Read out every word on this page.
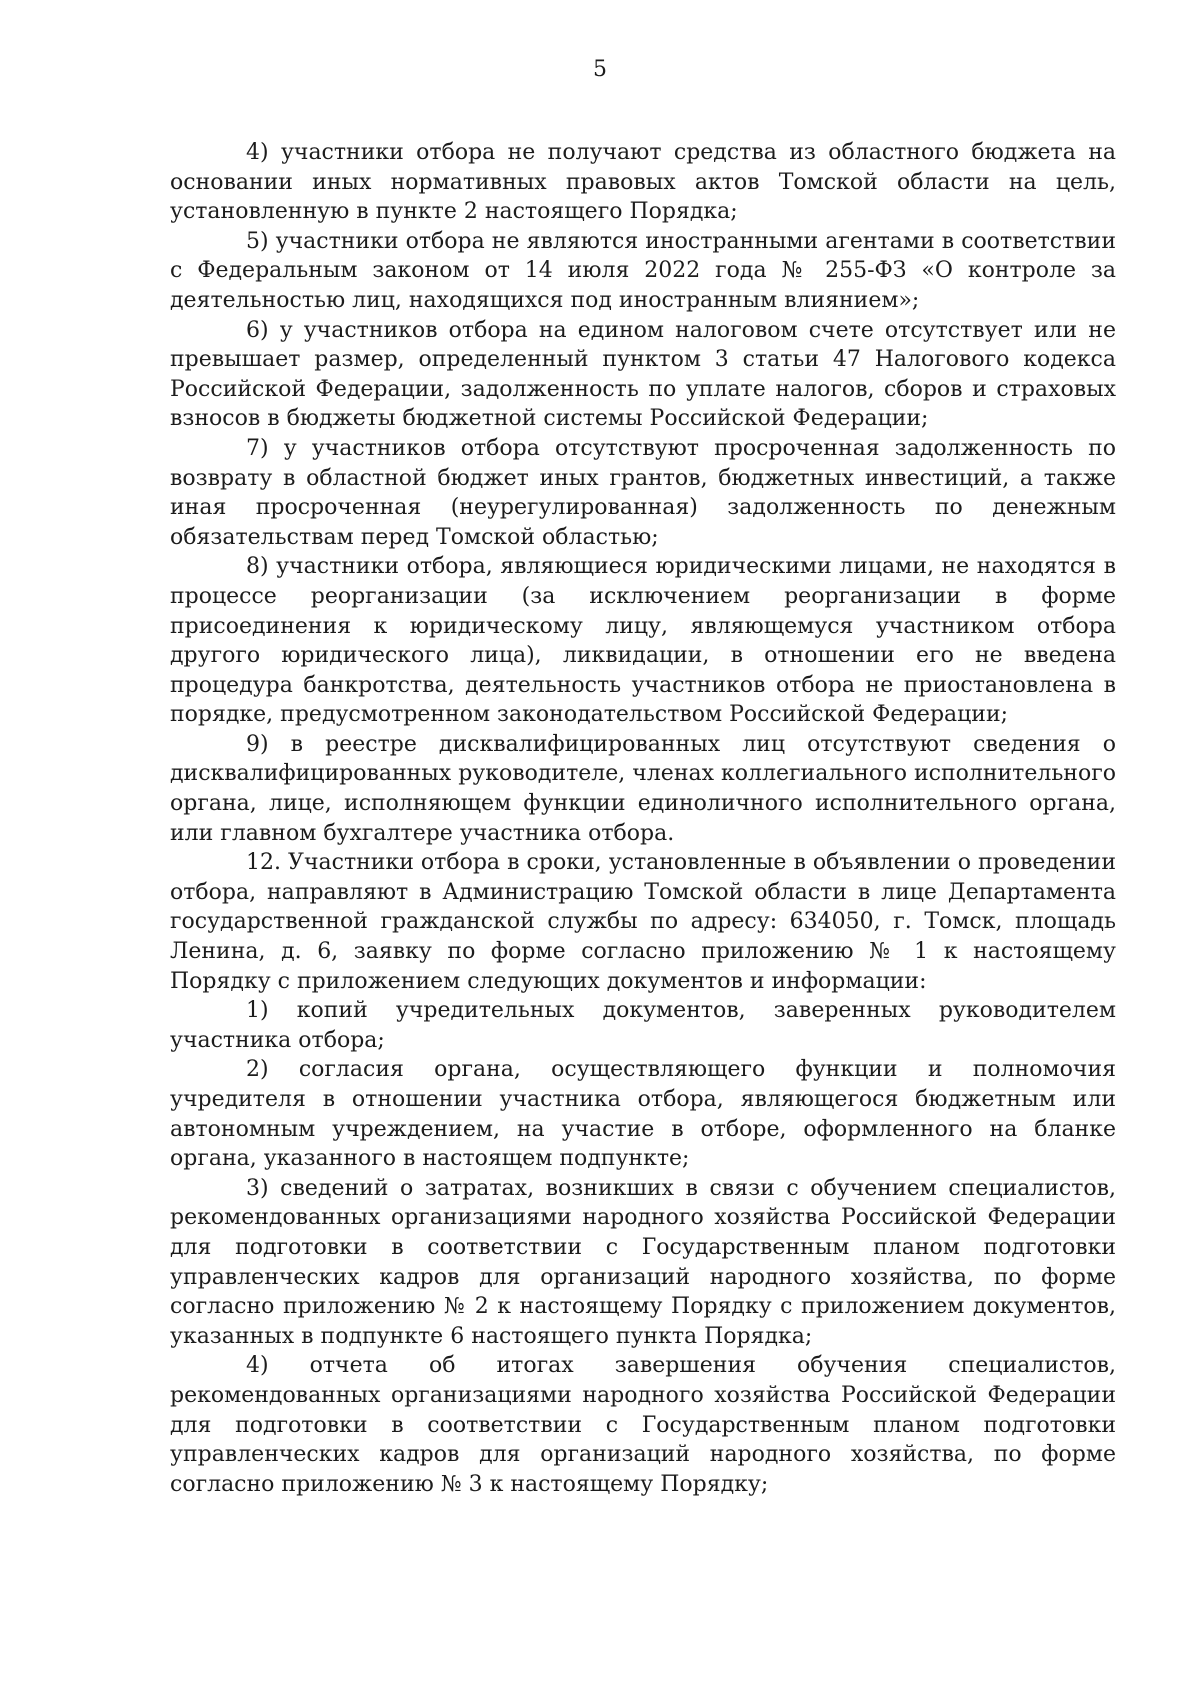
5

4) участники отбора не получают средства из областного бюджета на основании иных нормативных правовых актов Томской области на цель, установленную в пункте 2 настоящего Порядка;

5) участники отбора не являются иностранными агентами в соответствии с Федеральным законом от 14 июля 2022 года № 255-ФЗ «О контроле за деятельностью лиц, находящихся под иностранным влиянием»;

6) у участников отбора на едином налоговом счете отсутствует или не превышает размер, определенный пунктом 3 статьи 47 Налогового кодекса Российской Федерации, задолженность по уплате налогов, сборов и страховых взносов в бюджеты бюджетной системы Российской Федерации;

7) у участников отбора отсутствуют просроченная задолженность по возврату в областной бюджет иных грантов, бюджетных инвестиций, а также иная просроченная (неурегулированная) задолженность по денежным обязательствам перед Томской областью;

8) участники отбора, являющиеся юридическими лицами, не находятся в процессе реорганизации (за исключением реорганизации в форме присоединения к юридическому лицу, являющемуся участником отбора другого юридического лица), ликвидации, в отношении его не введена процедура банкротства, деятельность участников отбора не приостановлена в порядке, предусмотренном законодательством Российской Федерации;

9) в реестре дисквалифицированных лиц отсутствуют сведения о дисквалифицированных руководителе, членах коллегиального исполнительного органа, лице, исполняющем функции единоличного исполнительного органа, или главном бухгалтере участника отбора.

12. Участники отбора в сроки, установленные в объявлении о проведении отбора, направляют в Администрацию Томской области в лице Департамента государственной гражданской службы по адресу: 634050, г. Томск, площадь Ленина, д. 6, заявку по форме согласно приложению № 1 к настоящему Порядку с приложением следующих документов и информации:

1) копий учредительных документов, заверенных руководителем участника отбора;

2) согласия органа, осуществляющего функции и полномочия учредителя в отношении участника отбора, являющегося бюджетным или автономным учреждением, на участие в отборе, оформленного на бланке органа, указанного в настоящем подпункте;

3) сведений о затратах, возникших в связи с обучением специалистов, рекомендованных организациями народного хозяйства Российской Федерации для подготовки в соответствии с Государственным планом подготовки управленческих кадров для организаций народного хозяйства, по форме согласно приложению № 2 к настоящему Порядку с приложением документов, указанных в подпункте 6 настоящего пункта Порядка;

4) отчета об итогах завершения обучения специалистов, рекомендованных организациями народного хозяйства Российской Федерации для подготовки в соответствии с Государственным планом подготовки управленческих кадров для организаций народного хозяйства, по форме согласно приложению № 3 к настоящему Порядку;
